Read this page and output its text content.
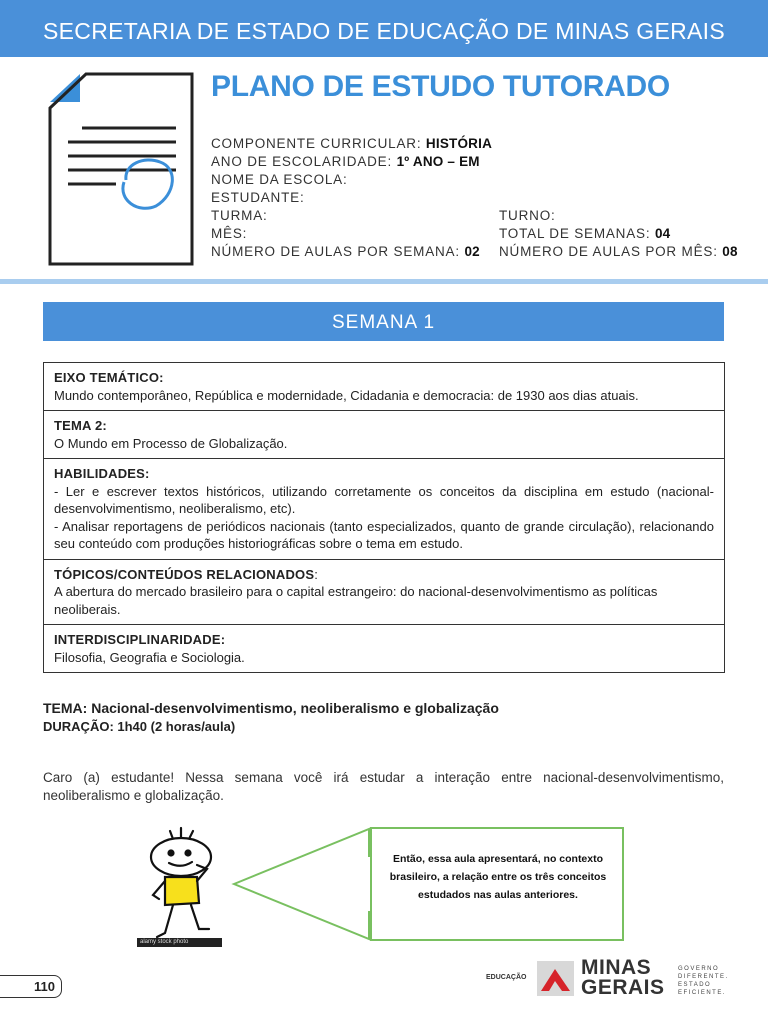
SECRETARIA DE ESTADO DE EDUCAÇÃO DE MINAS GERAIS
PLANO DE ESTUDO TUTORADO
COMPONENTE CURRICULAR: HISTÓRIA
ANO DE ESCOLARIDADE: 1º ANO – EM
NOME DA ESCOLA:
ESTUDANTE:
TURMA:	TURNO:
MÊS:	TOTAL DE SEMANAS: 04
NÚMERO DE AULAS POR SEMANA: 02 NÚMERO DE AULAS POR MÊS: 08
SEMANA 1
EIXO TEMÁTICO:
Mundo contemporâneo, República e modernidade, Cidadania e democracia: de 1930 aos dias atuais.
TEMA 2:
O Mundo em Processo de Globalização.
HABILIDADES:
- Ler e escrever textos históricos, utilizando corretamente os conceitos da disciplina em estudo (nacional-desenvolvimentismo, neoliberalismo, etc).
- Analisar reportagens de periódicos nacionais (tanto especializados, quanto de grande circulação), relacionando seu conteúdo com produções historiográficas sobre o tema em estudo.
TÓPICOS/CONTEÚDOS RELACIONADOS:
A abertura do mercado brasileiro para o capital estrangeiro: do nacional-desenvolvimentismo as políticas neoliberais.
INTERDISCIPLINARIDADE:
Filosofia, Geografia e Sociologia.
TEMA: Nacional-desenvolvimentismo, neoliberalismo e globalização
DURAÇÃO: 1h40 (2 horas/aula)
Caro (a) estudante! Nessa semana você irá estudar a interação entre nacional-desenvolvimentismo, neoliberalismo e globalização.
alamy stock photo
Então, essa aula apresentará, no contexto brasileiro, a relação entre os três conceitos estudados nas aulas anteriores.
110
EDUCAÇÃO	MINAS
GERAIS
GOVERNO
DIFERENTE.
ESTADO
EFICIENTE.
